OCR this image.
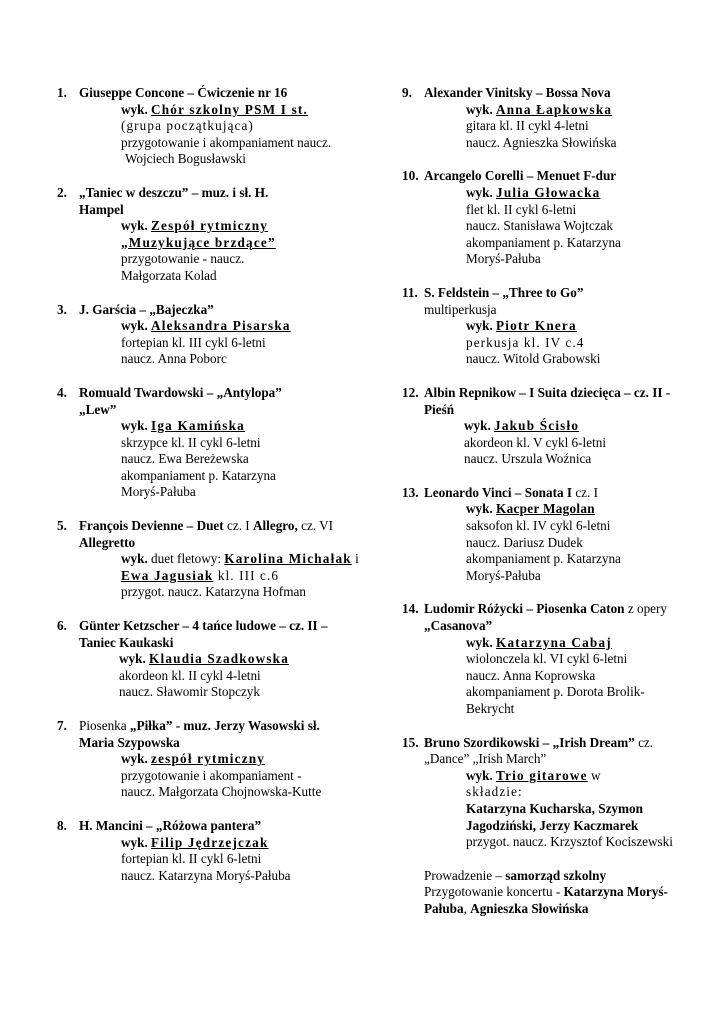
1. Giuseppe Concone – Ćwiczenie nr 16
wyk. Chór szkolny PSM I st.
(grupa początkująca)
przygotowanie i akompaniament naucz.
Wojciech Bogusławski
2. „Taniec w deszczu” – muz. i sł. H. Hampel
wyk. Zespół rytmiczny „Muzykujące brzdące”
przygotowanie - naucz. Małgorzata Kolad
3. J. Garścia – „Bajeczka”
wyk. Aleksandra Pisarska
fortepian kl. III cykl 6-letni
naucz. Anna Poborc
4. Romuald Twardowski – „Antylopa” „Lew”
wyk. Iga Kamińska
skrzypce kl. II cykl 6-letni
naucz. Ewa Bereżewska
akompaniament p. Katarzyna Moryś-Pałuba
5. François Devienne – Duet cz. I Allegro, cz. VI Allegretto
wyk. duet fletowy: Karolina Michałak i Ewa Jagusiak kl. III c.6
przygot. naucz. Katarzyna Hofman
6. Günter Ketzscher – 4 tańce ludowe – cz. II – Taniec Kaukaski
wyk. Klaudia Szadkowska
akordeon kl. II cykl 4-letni
naucz. Sławomir Stopczyk
7. Piosenka „Piłka” - muz. Jerzy Wasowski sł. Maria Szypowska
wyk. zespół rytmiczny
przygotowanie i akompaniament -
naucz. Małgorzata Chojnowska-Kutte
8. H. Mancini – „Różowa pantera”
wyk. Filip Jędrzejczak
fortepian kl. II cykl 6-letni
naucz. Katarzyna Moryś-Pałuba
9. Alexander Vinitsky – Bossa Nova
wyk. Anna Łapkowska
gitara kl. II cykl 4-letni
naucz. Agnieszka Słowińska
10. Arcangelo Corelli – Menuet F-dur
wyk. Julia Głowacka
flet kl. II cykl 6-letni
naucz. Stanisława Wojtczak
akompaniament p. Katarzyna Moryś-Pałuba
11. S. Feldstein – „Three to Go”
multiperkusja
wyk. Piotr Knera
perkusja kl. IV c.4
naucz. Witold Grabowski
12. Albin Repnikow – I Suita dziecięca – cz. II - Pieśń
wyk. Jakub Ścisło
akordeon kl. V cykl 6-letni
naucz. Urszula Woźnica
13. Leonardo Vinci – Sonata I cz. I
wyk. Kacper Magolan
saksofon kl. IV cykl 6-letni
naucz. Dariusz Dudek
akompaniament p. Katarzyna Moryś-Pałuba
14. Ludomir Różycki – Piosenka Caton z opery „Casanova”
wyk. Katarzyna Cabaj
wiolonczela kl. VI cykl 6-letni
naucz. Anna Koprowska
akompaniament p. Dorota Brolik-Bekrycht
15. Bruno Szordikowski – „Irish Dream” cz. „Dance” „Irish March”
wyk. Trio gitarowe w
składzie:
Katarzyna Kucharska, Szymon Jagodziński, Jerzy Kaczmarek
przygot. naucz. Krzysztof Kociszewski
Prowadzenie – samorząd szkolny
Przygotowanie koncertu - Katarzyna Moryś-Pałuba, Agnieszka Słowińska
